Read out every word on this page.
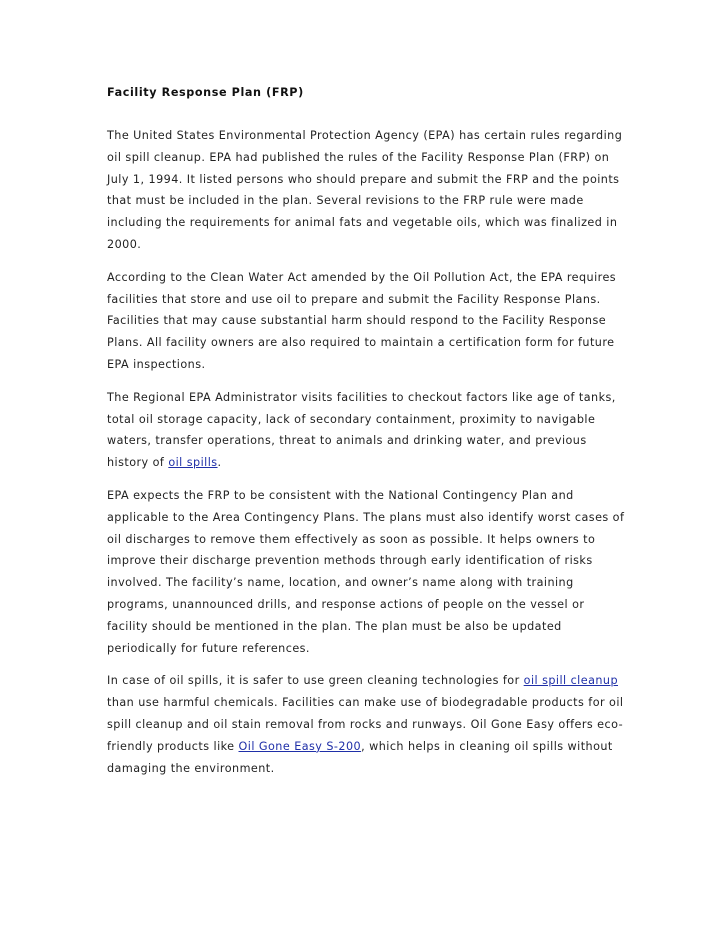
Facility Response Plan (FRP)

The United States Environmental Protection Agency (EPA) has certain rules regarding
oil spill cleanup. EPA had published the rules of the Facility Response Plan (FRP) on
July 1, 1994. It listed persons who should prepare and submit the FRP and the points
that must be included in the plan. Several revisions to the FRP rule were made
including the requirements for animal fats and vegetable oils, which was finalized in
2000.

According to the Clean Water Act amended by the Oil Pollution Act, the EPA requires
facilities that store and use oil to prepare and submit the Facility Response Plans.
Facilities that may cause substantial harm should respond to the Facility Response
Plans. All facility owners are also required to maintain a certification form for future
EPA inspections.

The Regional EPA Administrator visits facilities to checkout factors like age of tanks,
total oil storage capacity, lack of secondary containment, proximity to navigable
waters, transfer operations, threat to animals and drinking water, and previous
history of oil spills.

EPA expects the FRP to be consistent with the National Contingency Plan and
applicable to the Area Contingency Plans. The plans must also identify worst cases of
oil discharges to remove them effectively as soon as possible. It helps owners to
improve their discharge prevention methods through early identification of risks
involved. The facility’s name, location, and owner’s name along with training
programs, unannounced drills, and response actions of people on the vessel or
facility should be mentioned in the plan. The plan must be also be updated
periodically for future references.

In case of oil spills, it is safer to use green cleaning technologies for oil spill cleanup
than use harmful chemicals. Facilities can make use of biodegradable products for oil
spill cleanup and oil stain removal from rocks and runways. Oil Gone Easy offers eco-
friendly products like Oil Gone Easy S-200, which helps in cleaning oil spills without
damaging the environment.
